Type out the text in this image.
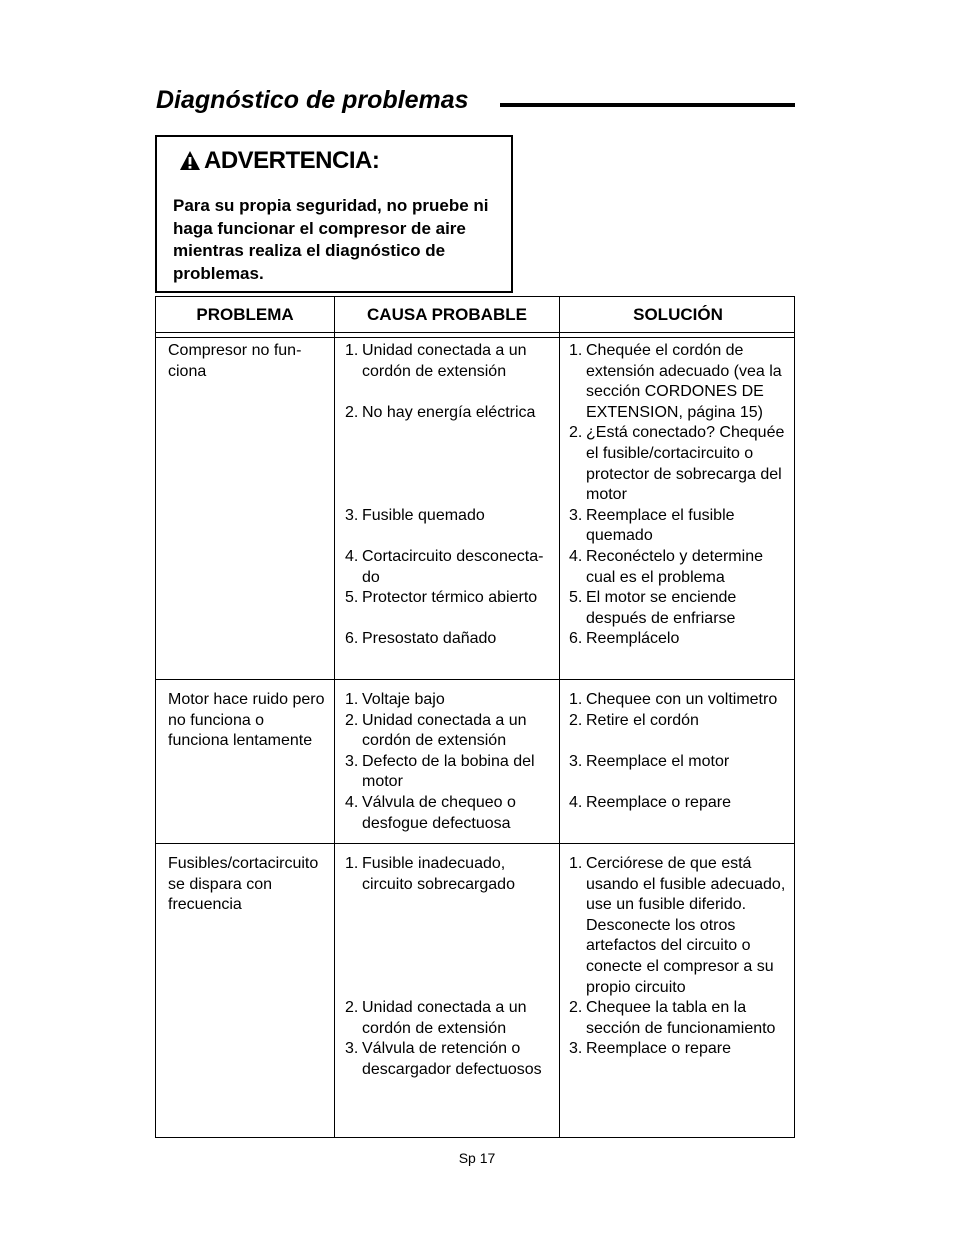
Diagnóstico de problemas
ADVERTENCIA:
Para su propia seguridad, no pruebe ni haga funcionar el compresor de aire mientras realiza el diagnóstico de problemas.
PROBLEMA	CAUSA PROBABLE	SOLUCIÓN
Compresor no fun- ciona
1. Unidad conectada a un cordón de extensión
2. No hay energía eléctrica
3. Fusible quemado
4. Cortacircuito desconecta- do
5. Protector térmico abierto
6. Presostato dañado
1. Chequée el cordón de extensión adecuado (vea la sección CORDONES DE EXTENSION, página 15)
2. ¿Está conectado? Chequée el fusible/cortacircuito o protector de sobrecarga del motor
3. Reemplace el fusible quemado
4. Reconéctelo y determine cual es el problema
5. El motor se enciende después de enfriarse
6. Reemplácelo
Motor hace ruido pero no funciona o funciona lentamente
1. Voltaje bajo
2. Unidad conectada a un cordón de extensión
3. Defecto de la bobina del motor
4. Válvula de chequeo o desfogue defectuosa
1. Chequee con un voltimetro
2. Retire el cordón
3. Reemplace el motor
4. Reemplace o repare
Fusibles/cortacircuito se dispara con frecuencia
1. Fusible inadecuado, circuito sobrecargado
2. Unidad conectada a un cordón de extensión
3. Válvula de retención o descargador defectuosos
1. Cerciórese de que está usando el fusible adecuado, use un fusible diferido. Desconecte los otros artefactos del circuito o conecte el compresor a su propio circuito
2. Chequee la tabla en la sección de funcionamiento
3. Reemplace o repare
Sp 17
